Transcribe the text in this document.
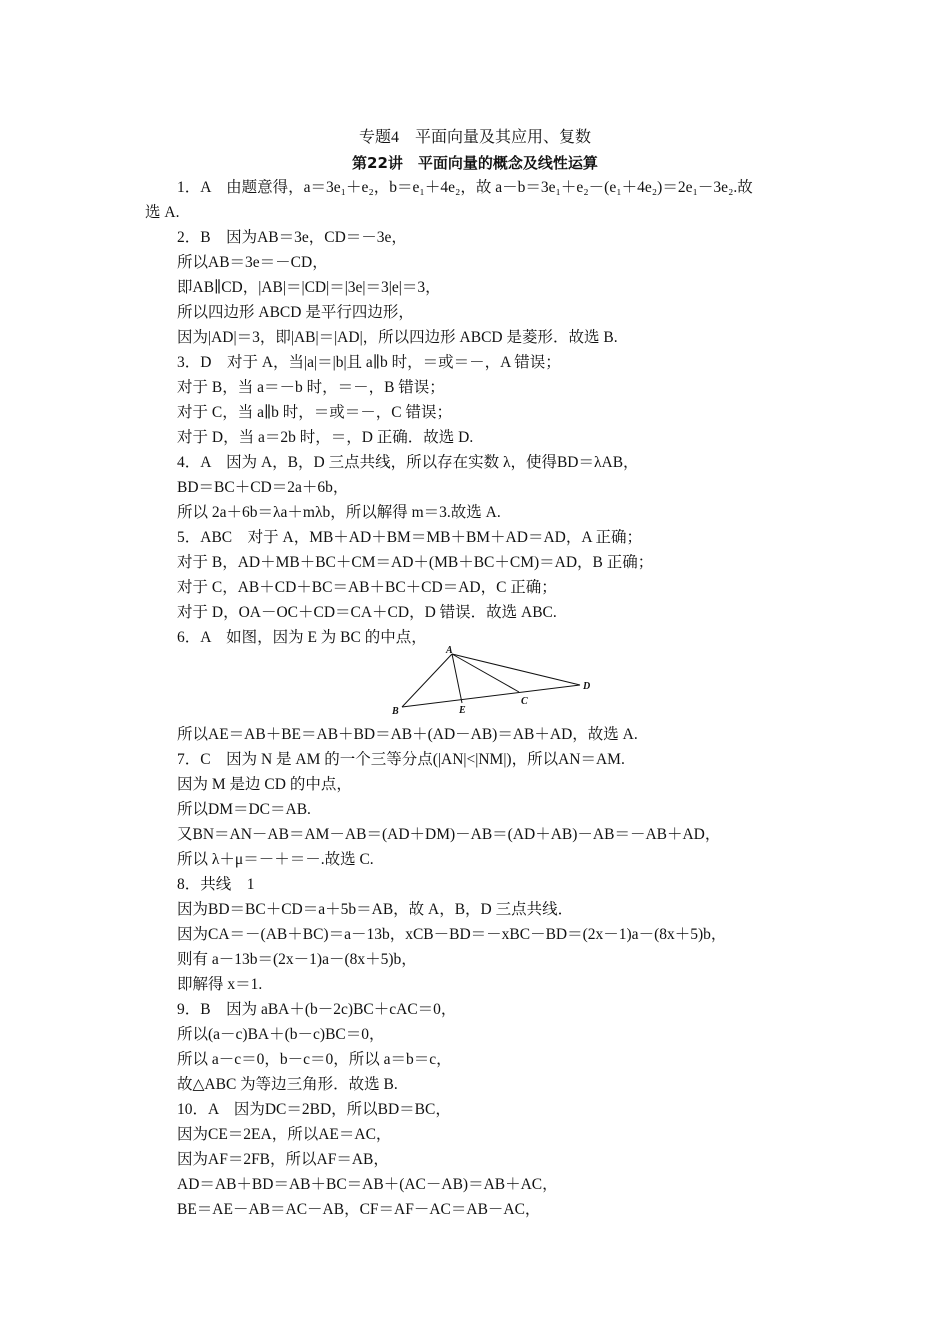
专题4　平面向量及其应用、复数
第22讲　平面向量的概念及线性运算
1．A　由题意得，a＝3e₁＋e₂，b＝e₁＋4e₂，故 a－b＝3e₁＋e₂－(e₁＋4e₂)＝2e₁－3e₂.故
选 A.
2．B　因为AB＝3e，CD＝－3e，
所以AB＝3e＝－CD，
即AB∥CD，|AB|＝|CD|＝|3e|＝3|e|＝3，
所以四边形 ABCD 是平行四边形，
因为|AD|＝3，即|AB|＝|AD|，所以四边形 ABCD 是菱形．故选 B.
3．D　对于 A，当|a|＝|b|且 a∥b 时，＝或＝－，A 错误；
对于 B，当 a＝－b 时，＝－，B 错误；
对于 C，当 a∥b 时，＝或＝－，C 错误；
对于 D，当 a＝2b 时，＝，D 正确．故选 D.
4．A　因为 A，B，D 三点共线，所以存在实数 λ，使得BD＝λAB，
BD＝BC＋CD＝2a＋6b，
所以 2a＋6b＝λa＋mλb，所以解得 m＝3.故选 A.
5．ABC　对于 A，MB＋AD＋BM＝MB＋BM＋AD＝AD，A 正确；
对于 B，AD＋MB＋BC＋CM＝AD＋(MB＋BC＋CM)＝AD，B 正确；
对于 C，AB＋CD＋BC＝AB＋BC＋CD＝AD，C 正确；
对于 D，OA－OC＋CD＝CA＋CD，D 错误．故选 ABC.
6．A　如图，因为 E 为 BC 的中点，
A
B
C
D
E
所以AE＝AB＋BE＝AB＋BD＝AB＋(AD－AB)＝AB＋AD，故选 A.
7．C　因为 N 是 AM 的一个三等分点(|AN|<|NM|)，所以AN＝AM.
因为 M 是边 CD 的中点，
所以DM＝DC＝AB.
又BN＝AN－AB＝AM－AB＝(AD＋DM)－AB＝(AD＋AB)－AB＝－AB＋AD，
所以 λ＋μ＝－＋＝－.故选 C.
8．共线　1
因为BD＝BC＋CD＝a＋5b＝AB，故 A，B，D 三点共线．
因为CA＝－(AB＋BC)＝a－13b，xCB－BD＝－xBC－BD＝(2x－1)a－(8x＋5)b，
则有 a－13b＝(2x－1)a－(8x＋5)b，
即解得 x＝1.
9．B　因为 aBA＋(b－2c)BC＋cAC＝0，
所以(a－c)BA＋(b－c)BC＝0，
所以 a－c＝0，b－c＝0，所以 a＝b＝c，
故△ABC 为等边三角形．故选 B.
10．A　因为DC＝2BD，所以BD＝BC，
因为CE＝2EA，所以AE＝AC，
因为AF＝2FB，所以AF＝AB，
AD＝AB＋BD＝AB＋BC＝AB＋(AC－AB)＝AB＋AC，
BE＝AE－AB＝AC－AB，CF＝AF－AC＝AB－AC，
